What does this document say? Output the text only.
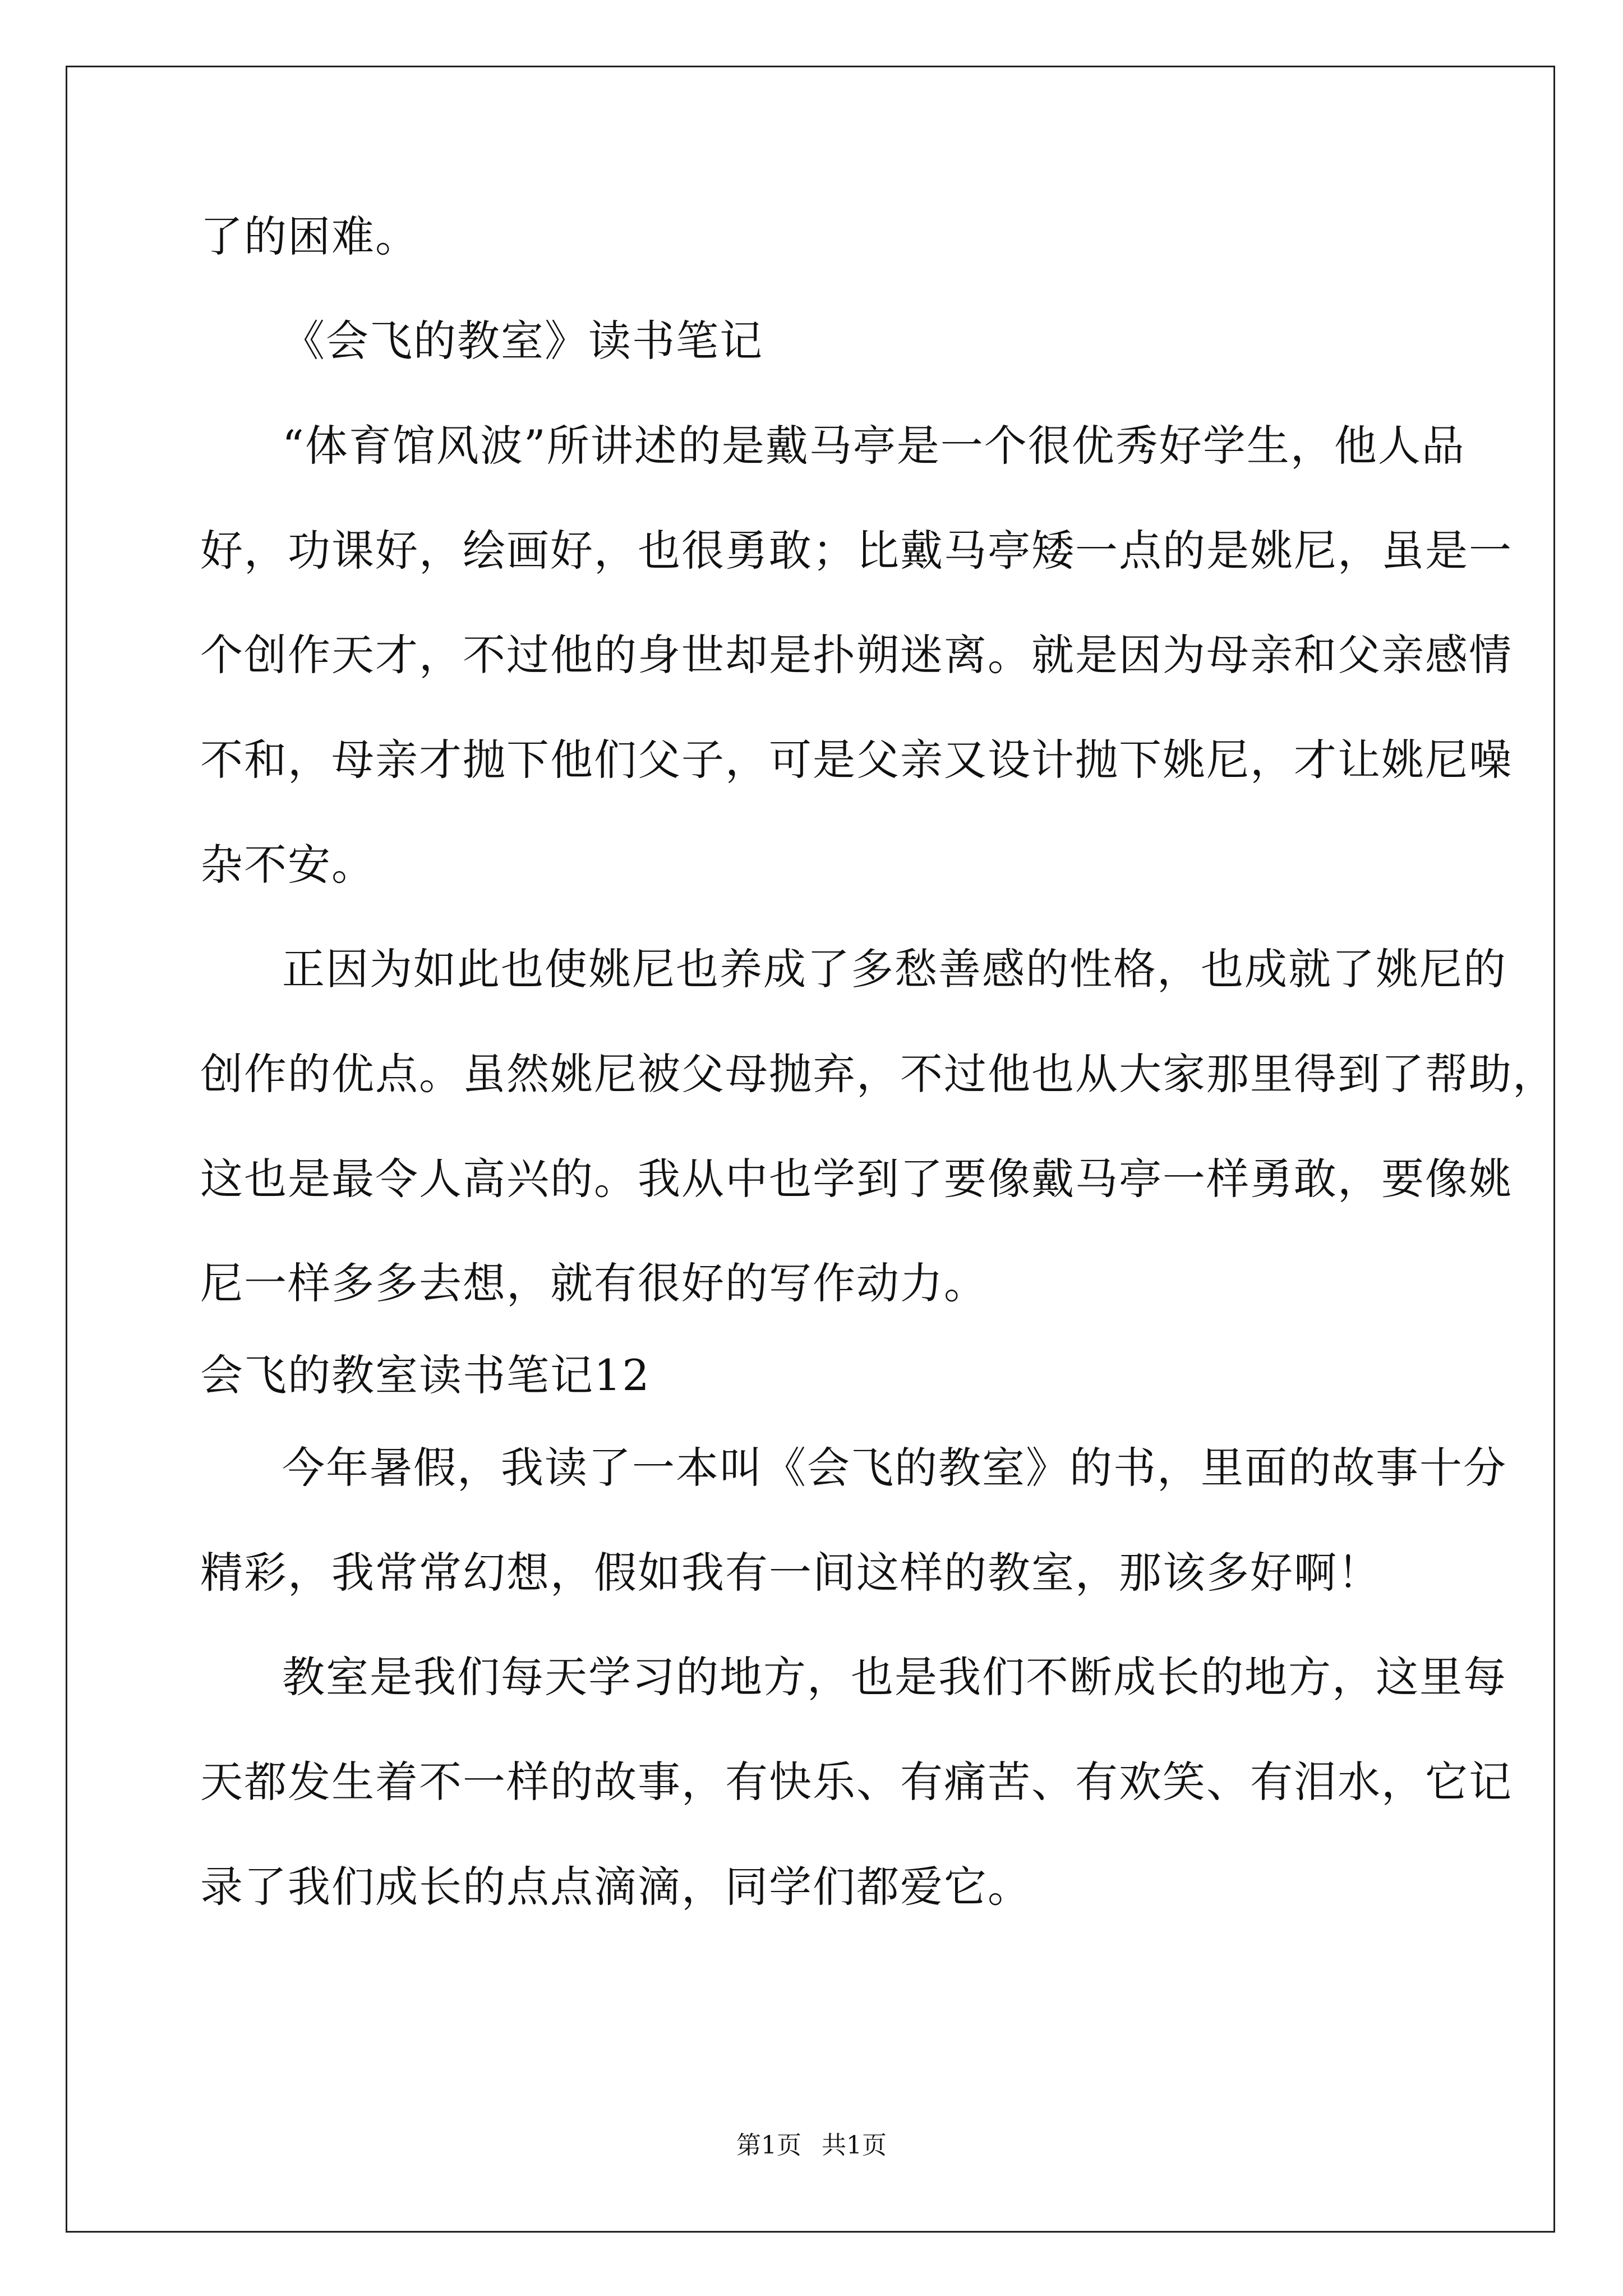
了的困难。
《会飞的教室》读书笔记
“体育馆风波”所讲述的是戴马亭是一个很优秀好学生，他人品
好，功课好，绘画好，也很勇敢；比戴马亭矮一点的是姚尼，虽是一
个创作天才，不过他的身世却是扑朔迷离。就是因为母亲和父亲感情
不和，母亲才抛下他们父子，可是父亲又设计抛下姚尼，才让姚尼噪
杂不安。
正因为如此也使姚尼也养成了多愁善感的性格，也成就了姚尼的
创作的优点。虽然姚尼被父母抛弃，不过他也从大家那里得到了帮助，
这也是最令人高兴的。我从中也学到了要像戴马亭一样勇敢，要像姚
尼一样多多去想，就有很好的写作动力。
会飞的教室读书笔记12
今年暑假，我读了一本叫《会飞的教室》的书，里面的故事十分
精彩，我常常幻想，假如我有一间这样的教室，那该多好啊！
教室是我们每天学习的地方，也是我们不断成长的地方，这里每
天都发生着不一样的故事，有快乐、有痛苦、有欢笑、有泪水，它记
录了我们成长的点点滴滴，同学们都爱它。
第1页 共1页
